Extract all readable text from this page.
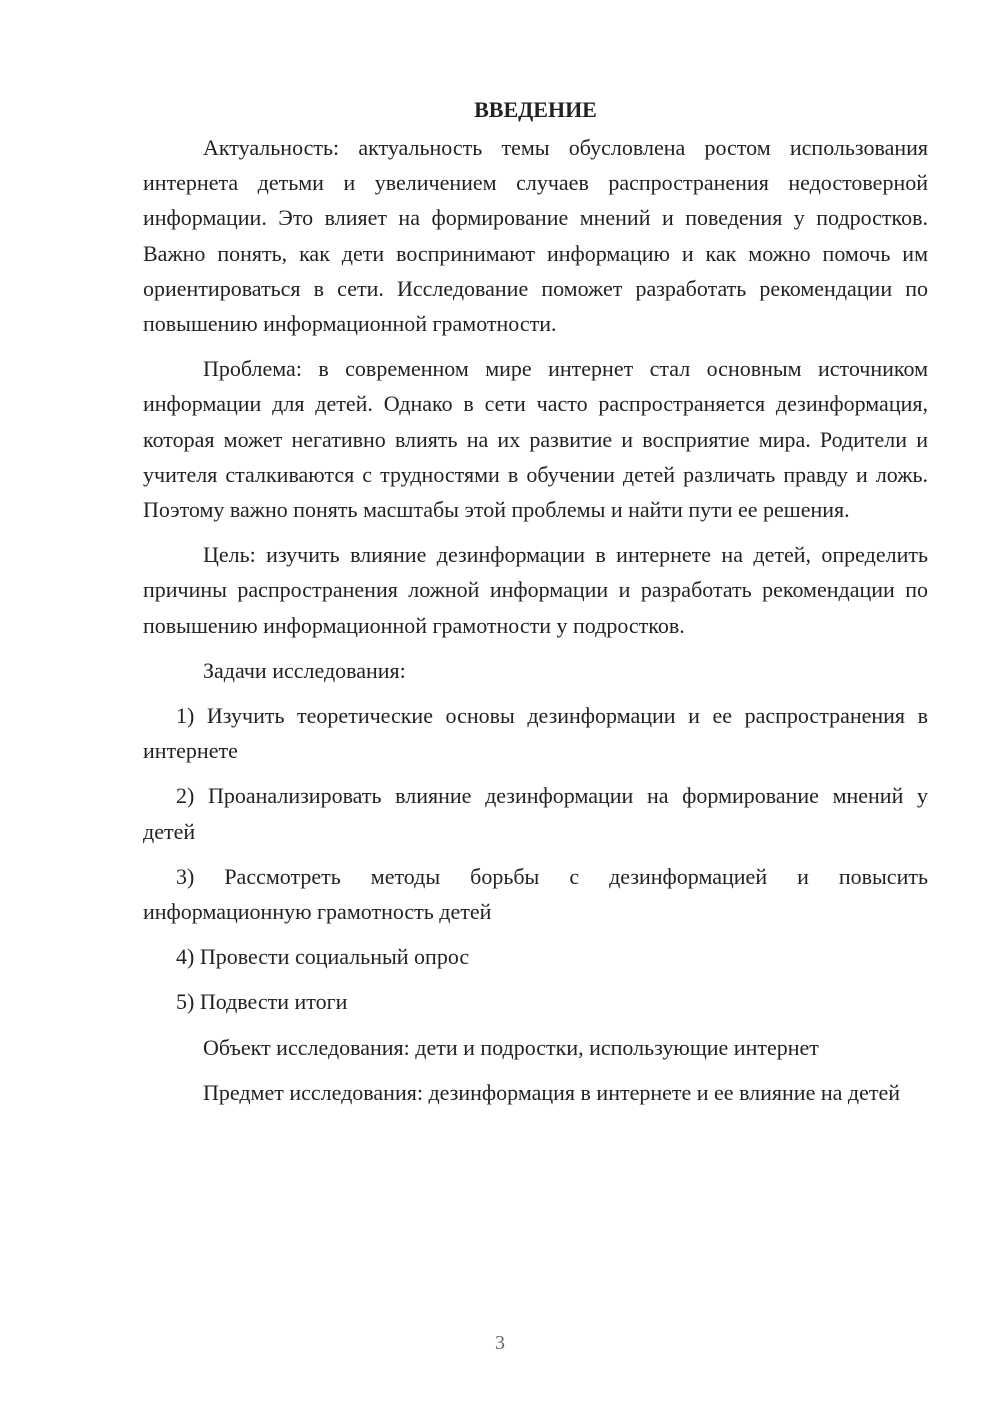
ВВЕДЕНИЕ

Актуальность: актуальность темы обусловлена ростом использования интернета детьми и увеличением случаев распространения недостоверной информации. Это влияет на формирование мнений и поведения у подростков. Важно понять, как дети воспринимают информацию и как можно помочь им ориентироваться в сети. Исследование поможет разработать рекомендации по повышению информационной грамотности.

Проблема: в современном мире интернет стал основным источником информации для детей. Однако в сети часто распространяется дезинформация, которая может негативно влиять на их развитие и восприятие мира. Родители и учителя сталкиваются с трудностями в обучении детей различать правду и ложь. Поэтому важно понять масштабы этой проблемы и найти пути ее решения.

Цель: изучить влияние дезинформации в интернете на детей, определить причины распространения ложной информации и разработать рекомендации по повышению информационной грамотности у подростков.

Задачи исследования:

1) Изучить теоретические основы дезинформации и ее распространения в интернете

2) Проанализировать влияние дезинформации на формирование мнений у детей

3) Рассмотреть методы борьбы с дезинформацией и повысить информационную грамотность детей

4) Провести социальный опрос

5) Подвести итоги

Объект исследования: дети и подростки, использующие интернет

Предмет исследования: дезинформация в интернете и ее влияние на детей

3
